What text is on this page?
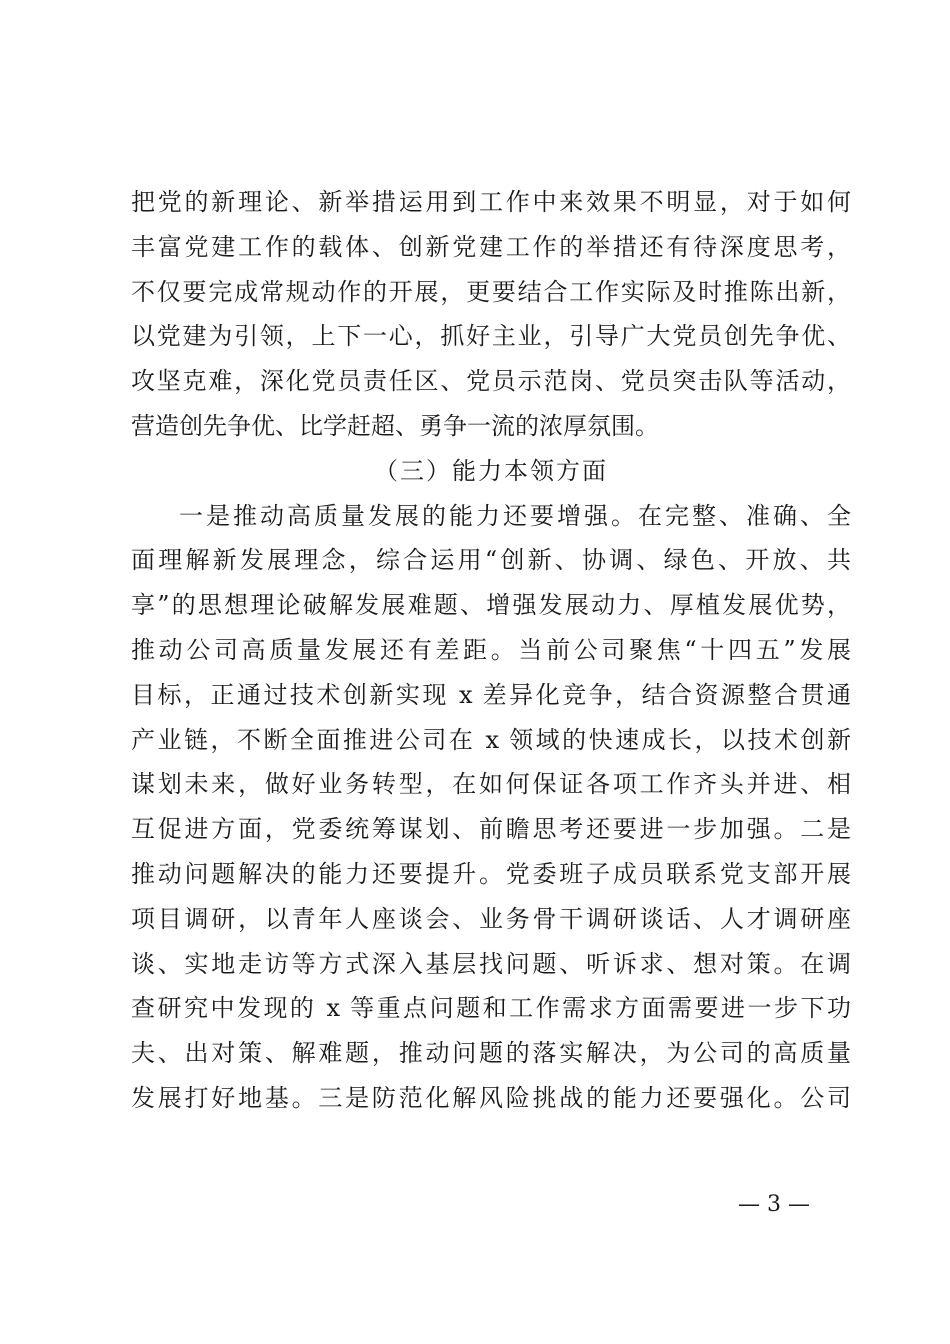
把党的新理论、新举措运用到工作中来效果不明显，对于如何
丰富党建工作的载体、创新党建工作的举措还有待深度思考，
不仅要完成常规动作的开展，更要结合工作实际及时推陈出新，
以党建为引领，上下一心，抓好主业，引导广大党员创先争优、
攻坚克难，深化党员责任区、党员示范岗、党员突击队等活动，
营造创先争优、比学赶超、勇争一流的浓厚氛围。
（三）能力本领方面
一是推动高质量发展的能力还要增强。在完整、准确、全
面理解新发展理念，综合运用“创新、协调、绿色、开放、共
享”的思想理论破解发展难题、增强发展动力、厚植发展优势，
推动公司高质量发展还有差距。当前公司聚焦“十四五”发展
目标，正通过技术创新实现 x 差异化竞争，结合资源整合贯通
产业链，不断全面推进公司在 x 领域的快速成长，以技术创新
谋划未来，做好业务转型，在如何保证各项工作齐头并进、相
互促进方面，党委统筹谋划、前瞻思考还要进一步加强。二是
推动问题解决的能力还要提升。党委班子成员联系党支部开展
项目调研，以青年人座谈会、业务骨干调研谈话、人才调研座
谈、实地走访等方式深入基层找问题、听诉求、想对策。在调
查研究中发现的 x 等重点问题和工作需求方面需要进一步下功
夫、出对策、解难题，推动问题的落实解决，为公司的高质量
发展打好地基。三是防范化解风险挑战的能力还要强化。公司
— 3 —
